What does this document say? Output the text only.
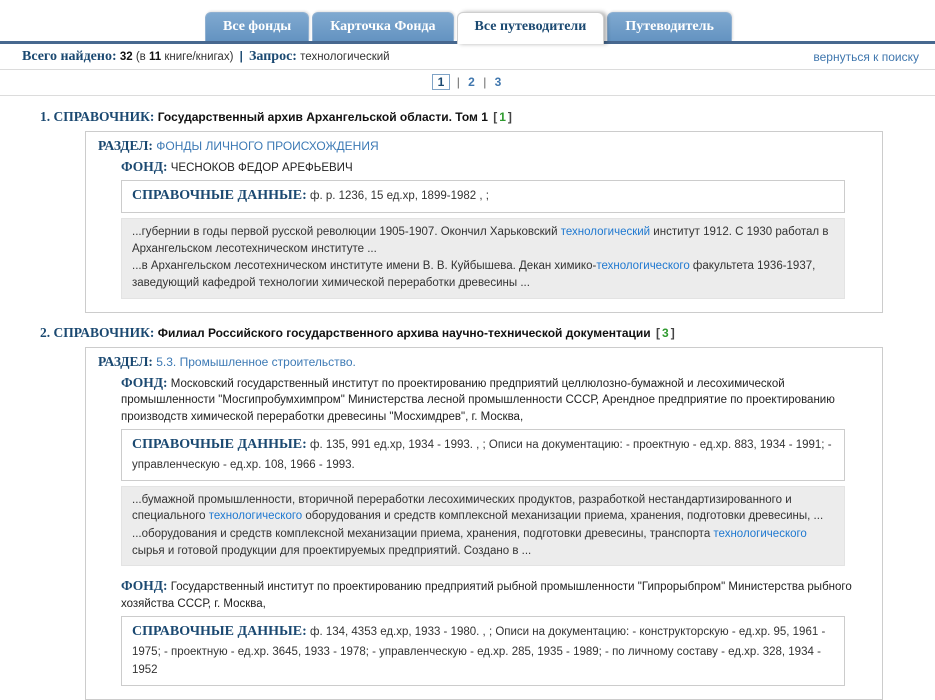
Все фонды	Карточка Фонда	Все путеводители	Путеводитель
Всего найдено: 32 (в 11 книге/книгах) | Запрос: технологический	вернуться к поиску
1 | 2 | 3
1. СПРАВОЧНИК: Государственный архив Архангельской области. Том 1 [ 1 ]
РАЗДЕЛ: ФОНДЫ ЛИЧНОГО ПРОИСХОЖДЕНИЯ
ФОНД: ЧЕСНОКОВ ФЕДОР АРЕФЬЕВИЧ
СПРАВОЧНЫЕ ДАННЫЕ: ф. р. 1236, 15 ед.хр, 1899-1982 , ;
...губернии в годы первой русской революции 1905-1907. Окончил Харьковский технологический институт 1912. С 1930 работал в Архангельском лесотехническом институте ...
...в Архангельском лесотехническом институте имени В. В. Куйбышева. Декан химико-технологического факультета 1936-1937, заведующий кафедрой технологии химической переработки древесины ...
2. СПРАВОЧНИК: Филиал Российского государственного архива научно-технической документации [ 3 ]
РАЗДЕЛ: 5.3. Промышленное строительство.
ФОНД: Московский государственный институт по проектированию предприятий целлюлозно-бумажной и лесохимической промышленности "Мосгипробумхимпром" Министерства лесной промышленности СССР, Арендное предприятие по проектированию производств химической переработки древесины "Мосхимдрев", г. Москва,
СПРАВОЧНЫЕ ДАННЫЕ: ф. 135, 991 ед.хр, 1934 - 1993. , ; Описи на документацию: - проектную - ед.хр. 883, 1934 - 1991; - управленческую - ед.хр. 108, 1966 - 1993.
...бумажной промышленности, вторичной переработки лесохимических продуктов, разработкой нестандартизированного и специального технологического оборудования и средств комплексной механизации приема, хранения, подготовки древесины, ...
...оборудования и средств комплексной механизации приема, хранения, подготовки древесины, транспорта технологического сырья и готовой продукции для проектируемых предприятий. Создано в ...
ФОНД: Государственный институт по проектированию предприятий рыбной промышленности "Гипрорыбпром" Министерства рыбного хозяйства СССР, г. Москва,
СПРАВОЧНЫЕ ДАННЫЕ: ф. 134, 4353 ед.хр, 1933 - 1980. , ; Описи на документацию: - конструкторскую - ед.хр. 95, 1961 - 1975; - проектную - ед.хр. 3645, 1933 - 1978; - управленческую - ед.хр. 285, 1935 - 1989; - по личному составу - ед.хр. 328, 1934 - 1952
